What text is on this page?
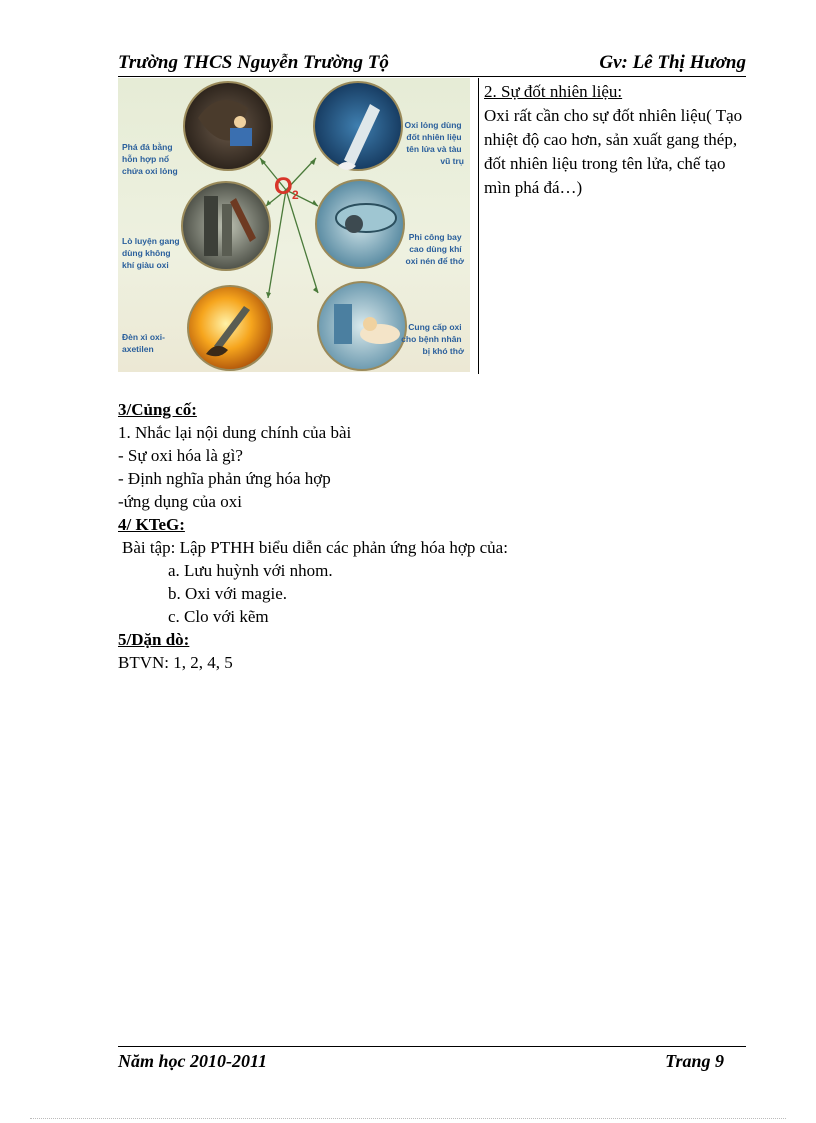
Trường THCS Nguyễn Trường Tộ	Gv: Lê Thị Hương
O 2
Phá đá bằng hỗn hợp nổ chứa oxi lỏng
Lò luyện gang dùng không khí giàu oxi
Đèn xì oxi- axetilen
Oxi lỏng dùng đốt nhiên liệu tên lửa và tàu vũ trụ
Phi công bay cao dùng khí oxi nén để thở
Cung cấp oxi cho bệnh nhân bị khó thở
2. Sự đốt nhiên liệu:

Oxi rất cần cho sự đốt nhiên liệu( Tạo nhiệt độ cao hơn, sản xuất gang thép, đốt nhiên liệu trong tên lửa, chế tạo mìn phá đá…)

3/Củng cố:
1. Nhắc lại nội dung chính của bài
- Sự oxi hóa là gì?
- Định nghĩa phản ứng hóa hợp
-ứng dụng của oxi
4/ KTeG:
Bài tập: Lập PTHH biểu diễn các phản ứng hóa hợp của:
a. Lưu huỳnh với nhom.
b. Oxi với magie.
c. Clo với kẽm
5/Dặn dò:
BTVN: 1, 2, 4, 5
Năm học 2010-2011	Trang 9
